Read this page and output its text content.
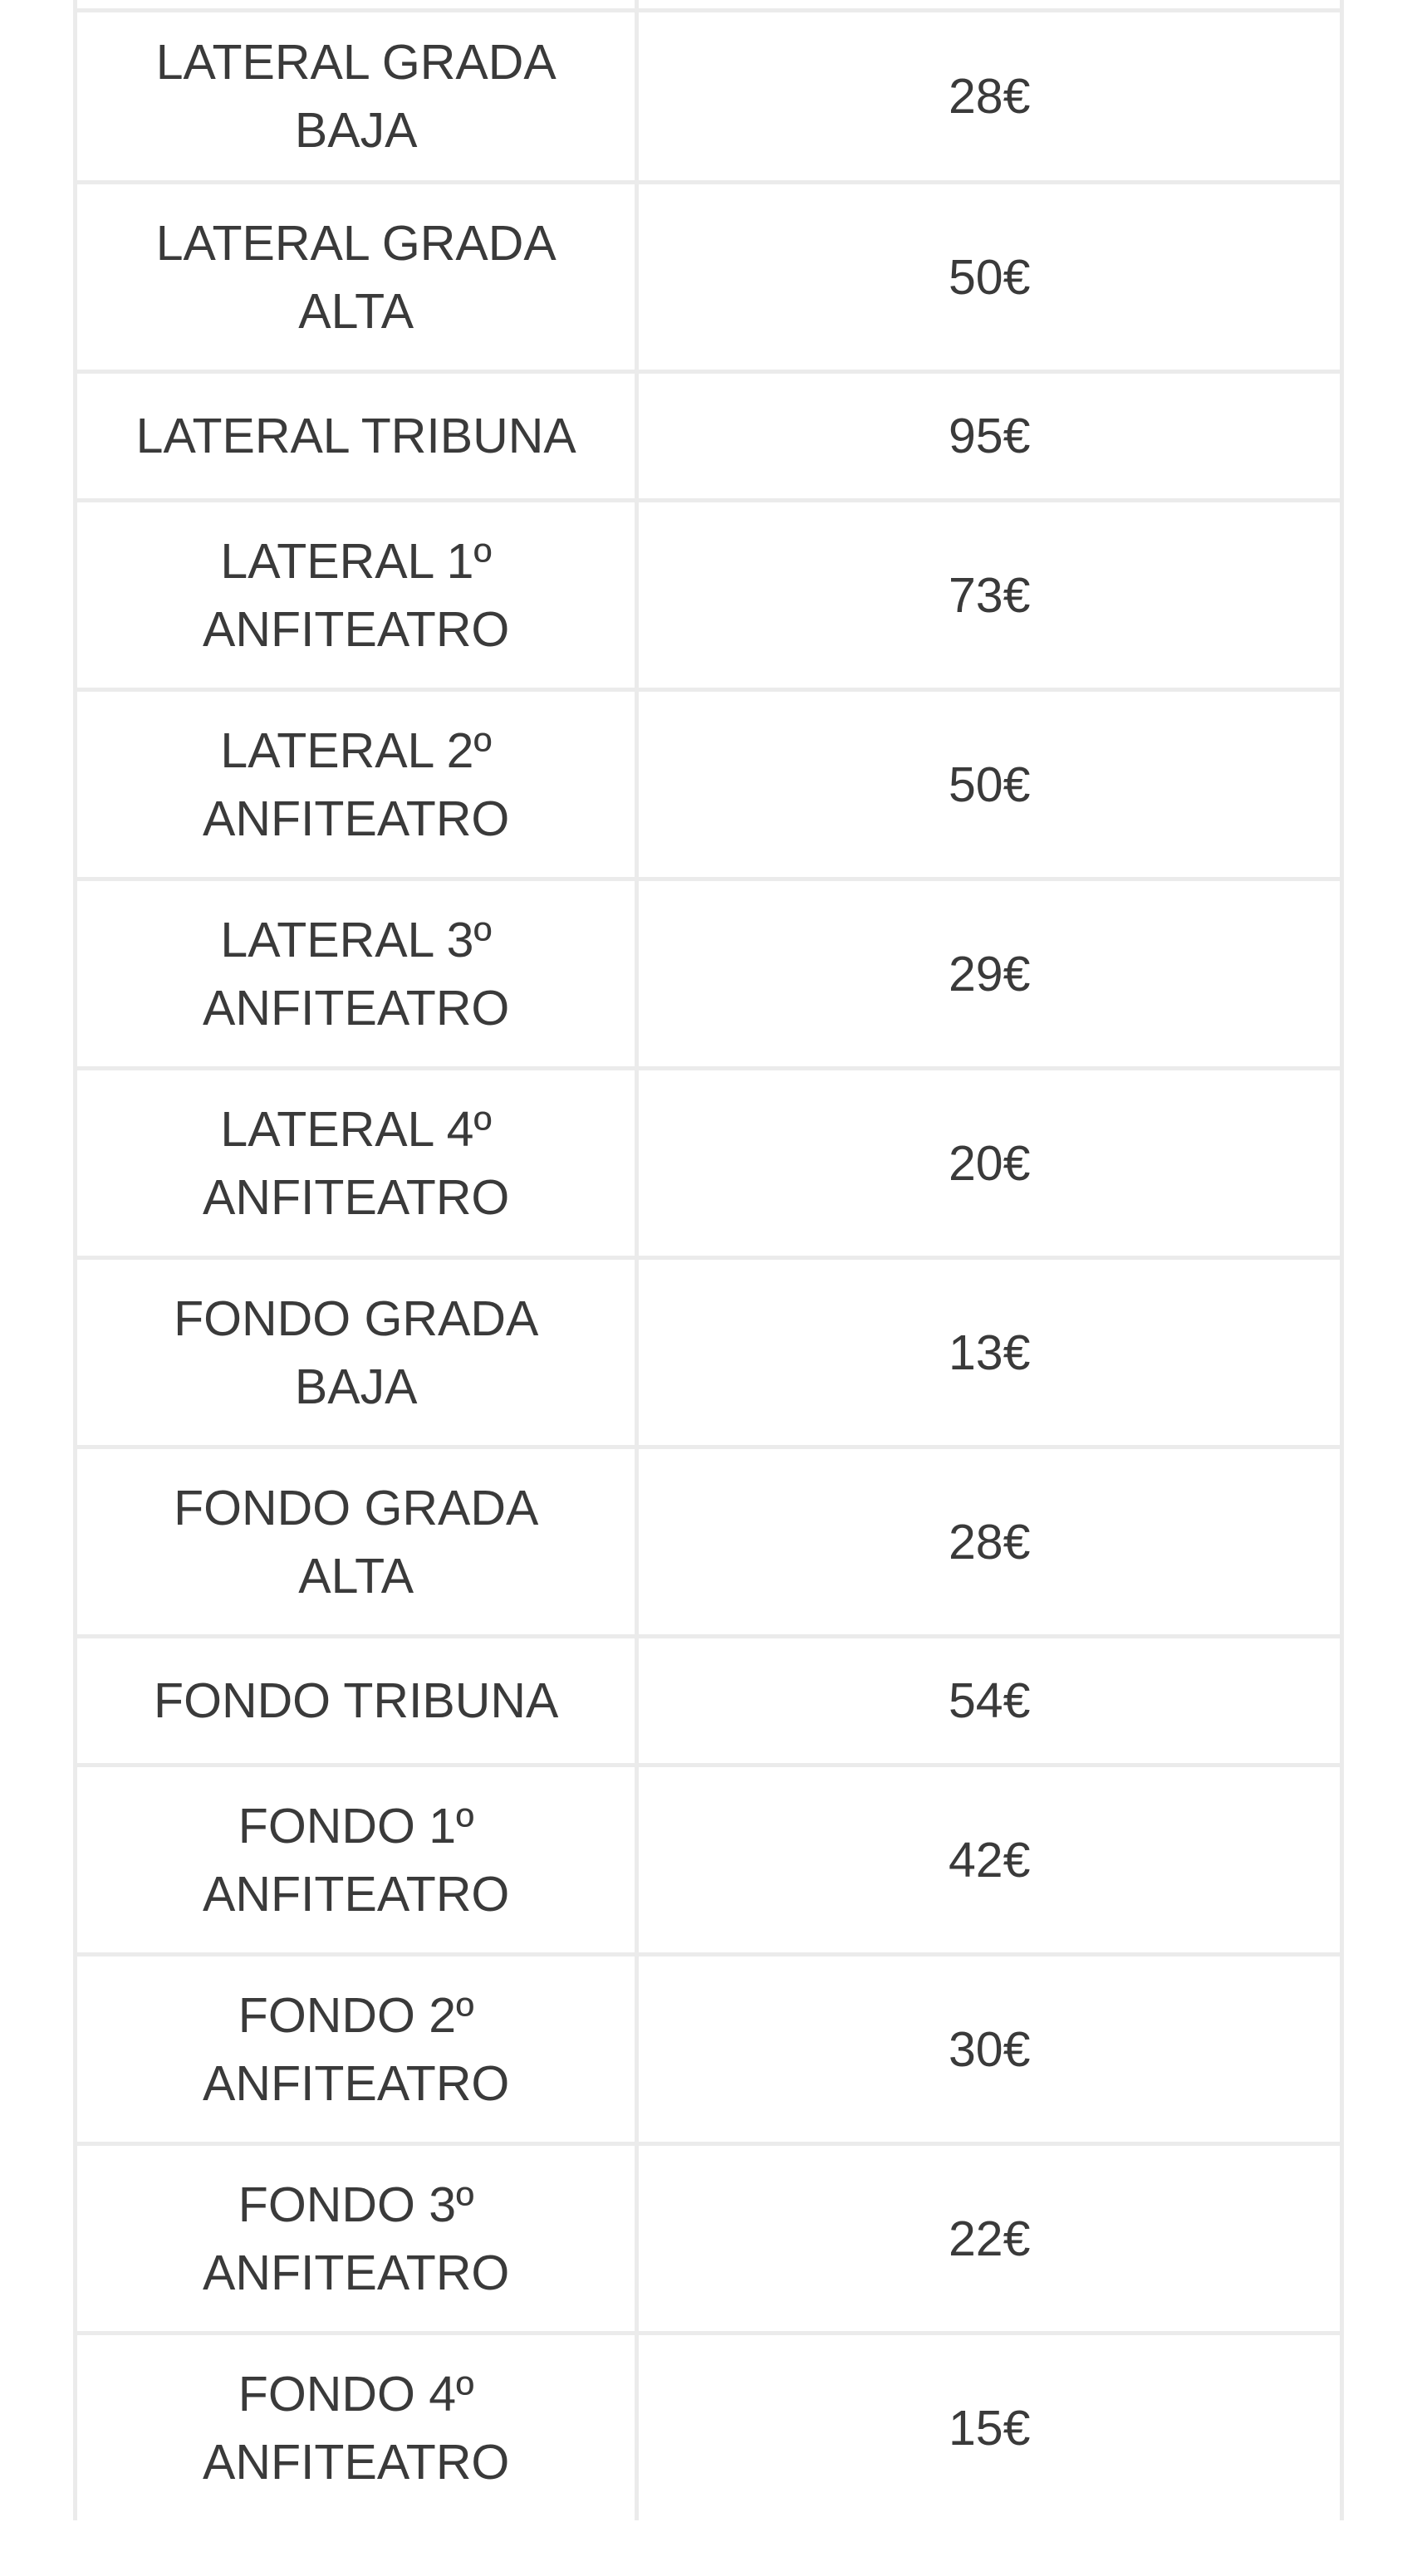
LATERAL GRADA BAJA
28€
LATERAL GRADA ALTA
50€
LATERAL TRIBUNA	95€
LATERAL 1º ANFITEATRO
73€
LATERAL 2º ANFITEATRO
50€
LATERAL 3º ANFITEATRO
29€
LATERAL 4º ANFITEATRO
20€
FONDO GRADA BAJA
13€
FONDO GRADA ALTA
28€
FONDO TRIBUNA	54€
FONDO 1º ANFITEATRO
42€
FONDO 2º ANFITEATRO
30€
FONDO 3º ANFITEATRO
22€
FONDO 4º ANFITEATRO
15€
